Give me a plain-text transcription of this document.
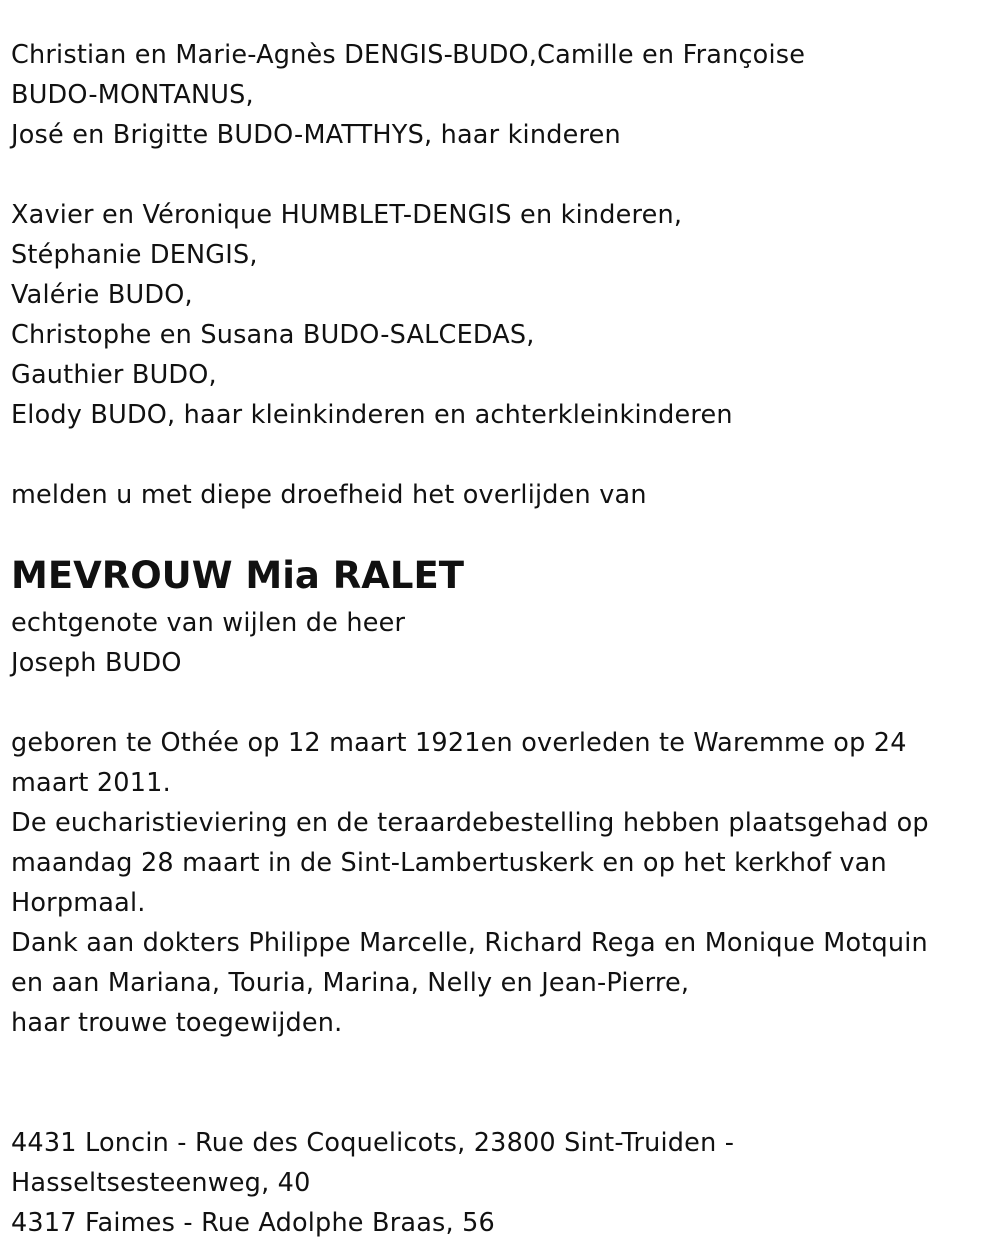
Christian en Marie-Agnès DENGIS-BUDO,Camille en Françoise
BUDO-MONTANUS,
José en Brigitte BUDO-MATTHYS, haar kinderen
Xavier en Véronique HUMBLET-DENGIS en kinderen,
Stéphanie DENGIS,
Valérie BUDO,
Christophe en Susana BUDO-SALCEDAS,
Gauthier BUDO,
Elody BUDO, haar kleinkinderen en achterkleinkinderen
melden u met diepe droefheid het overlijden van
MEVROUW Mia RALET
echtgenote van wijlen de heer
Joseph BUDO
geboren te Othée op 12 maart 1921en overleden te Waremme op 24
maart 2011.
De eucharistieviering en de teraardebestelling hebben plaatsgehad op
maandag 28 maart in de Sint-Lambertuskerk en op het kerkhof van
Horpmaal.
Dank aan dokters Philippe Marcelle, Richard Rega en Monique Motquin
en aan Mariana, Touria, Marina, Nelly en Jean-Pierre,
haar trouwe toegewijden.
4431 Loncin - Rue des Coquelicots, 23800 Sint-Truiden -
Hasseltsesteenweg, 40
4317 Faimes - Rue Adolphe Braas, 56
